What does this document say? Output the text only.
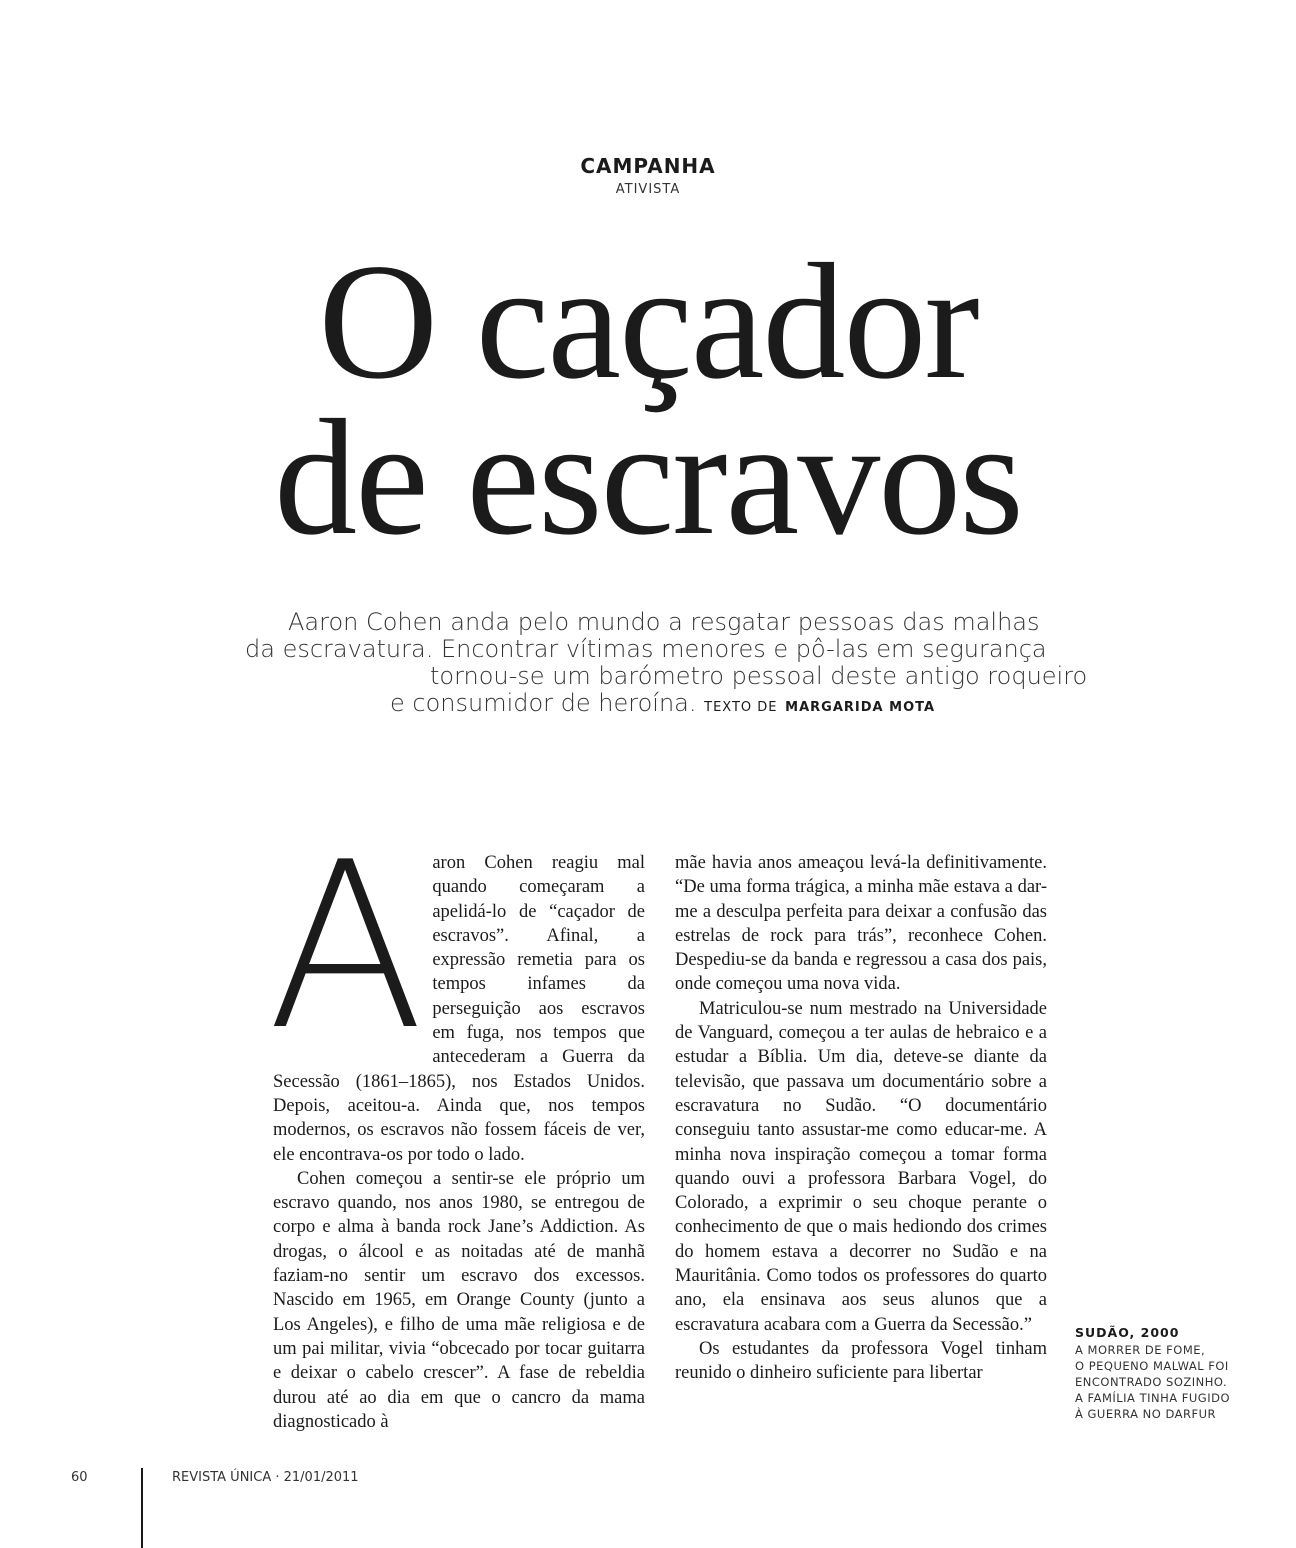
CAMPANHA
ATIVISTA
O caçador
de escravos
Aaron Cohen anda pelo mundo a resgatar pessoas das malhas
da escravatura. Encontrar vítimas menores e pô-las em segurança
tornou-se um barómetro pessoal deste antigo roqueiro
e consumidor de heroína. TEXTO DE MARGARIDA MOTA
A aron Cohen reagiu mal quando começaram a apelidá-lo de “caçador de escravos”. Afinal, a expressão remetia para os tempos infames da perseguição aos escravos em fuga, nos tempos que antecederam a Guerra da Secessão (1861–1865), nos Estados Unidos. Depois, aceitou-a. Ainda que, nos tempos modernos, os escravos não fossem fáceis de ver, ele encontrava-os por todo o lado.

Cohen começou a sentir-se ele próprio um escravo quando, nos anos 1980, se entregou de corpo e alma à banda rock Jane’s Addiction. As drogas, o álcool e as noitadas até de manhã faziam-no sentir um escravo dos excessos. Nascido em 1965, em Orange County (junto a Los Angeles), e filho de uma mãe religiosa e de um pai militar, vivia “obcecado por tocar guitarra e deixar o cabelo crescer”. A fase de rebeldia durou até ao dia em que o cancro da mama diagnosticado à

mãe havia anos ameaçou levá-la definitivamente. “De uma forma trágica, a minha mãe estava a dar-me a desculpa perfeita para deixar a confusão das estrelas de rock para trás”, reconhece Cohen. Despediu-se da banda e regressou a casa dos pais, onde começou uma nova vida.

Matriculou-se num mestrado na Universidade de Vanguard, começou a ter aulas de hebraico e a estudar a Bíblia. Um dia, deteve-se diante da televisão, que passava um documentário sobre a escravatura no Sudão. “O documentário conseguiu tanto assustar-me como educar-me. A minha nova inspiração começou a tomar forma quando ouvi a professora Barbara Vogel, do Colorado, a exprimir o seu choque perante o conhecimento de que o mais hediondo dos crimes do homem estava a decorrer no Sudão e na Mauritânia. Como todos os professores do quarto ano, ela ensinava aos seus alunos que a escravatura acabara com a Guerra da Secessão.”

Os estudantes da professora Vogel tinham reunido o dinheiro suficiente para libertar

SUDÃO, 2000
A MORRER DE FOME,
O PEQUENO MALWAL FOI
ENCONTRADO SOZINHO.
A FAMÍLIA TINHA FUGIDO
À GUERRA NO DARFUR
60	REVISTA ÚNICA · 21/01/2011
